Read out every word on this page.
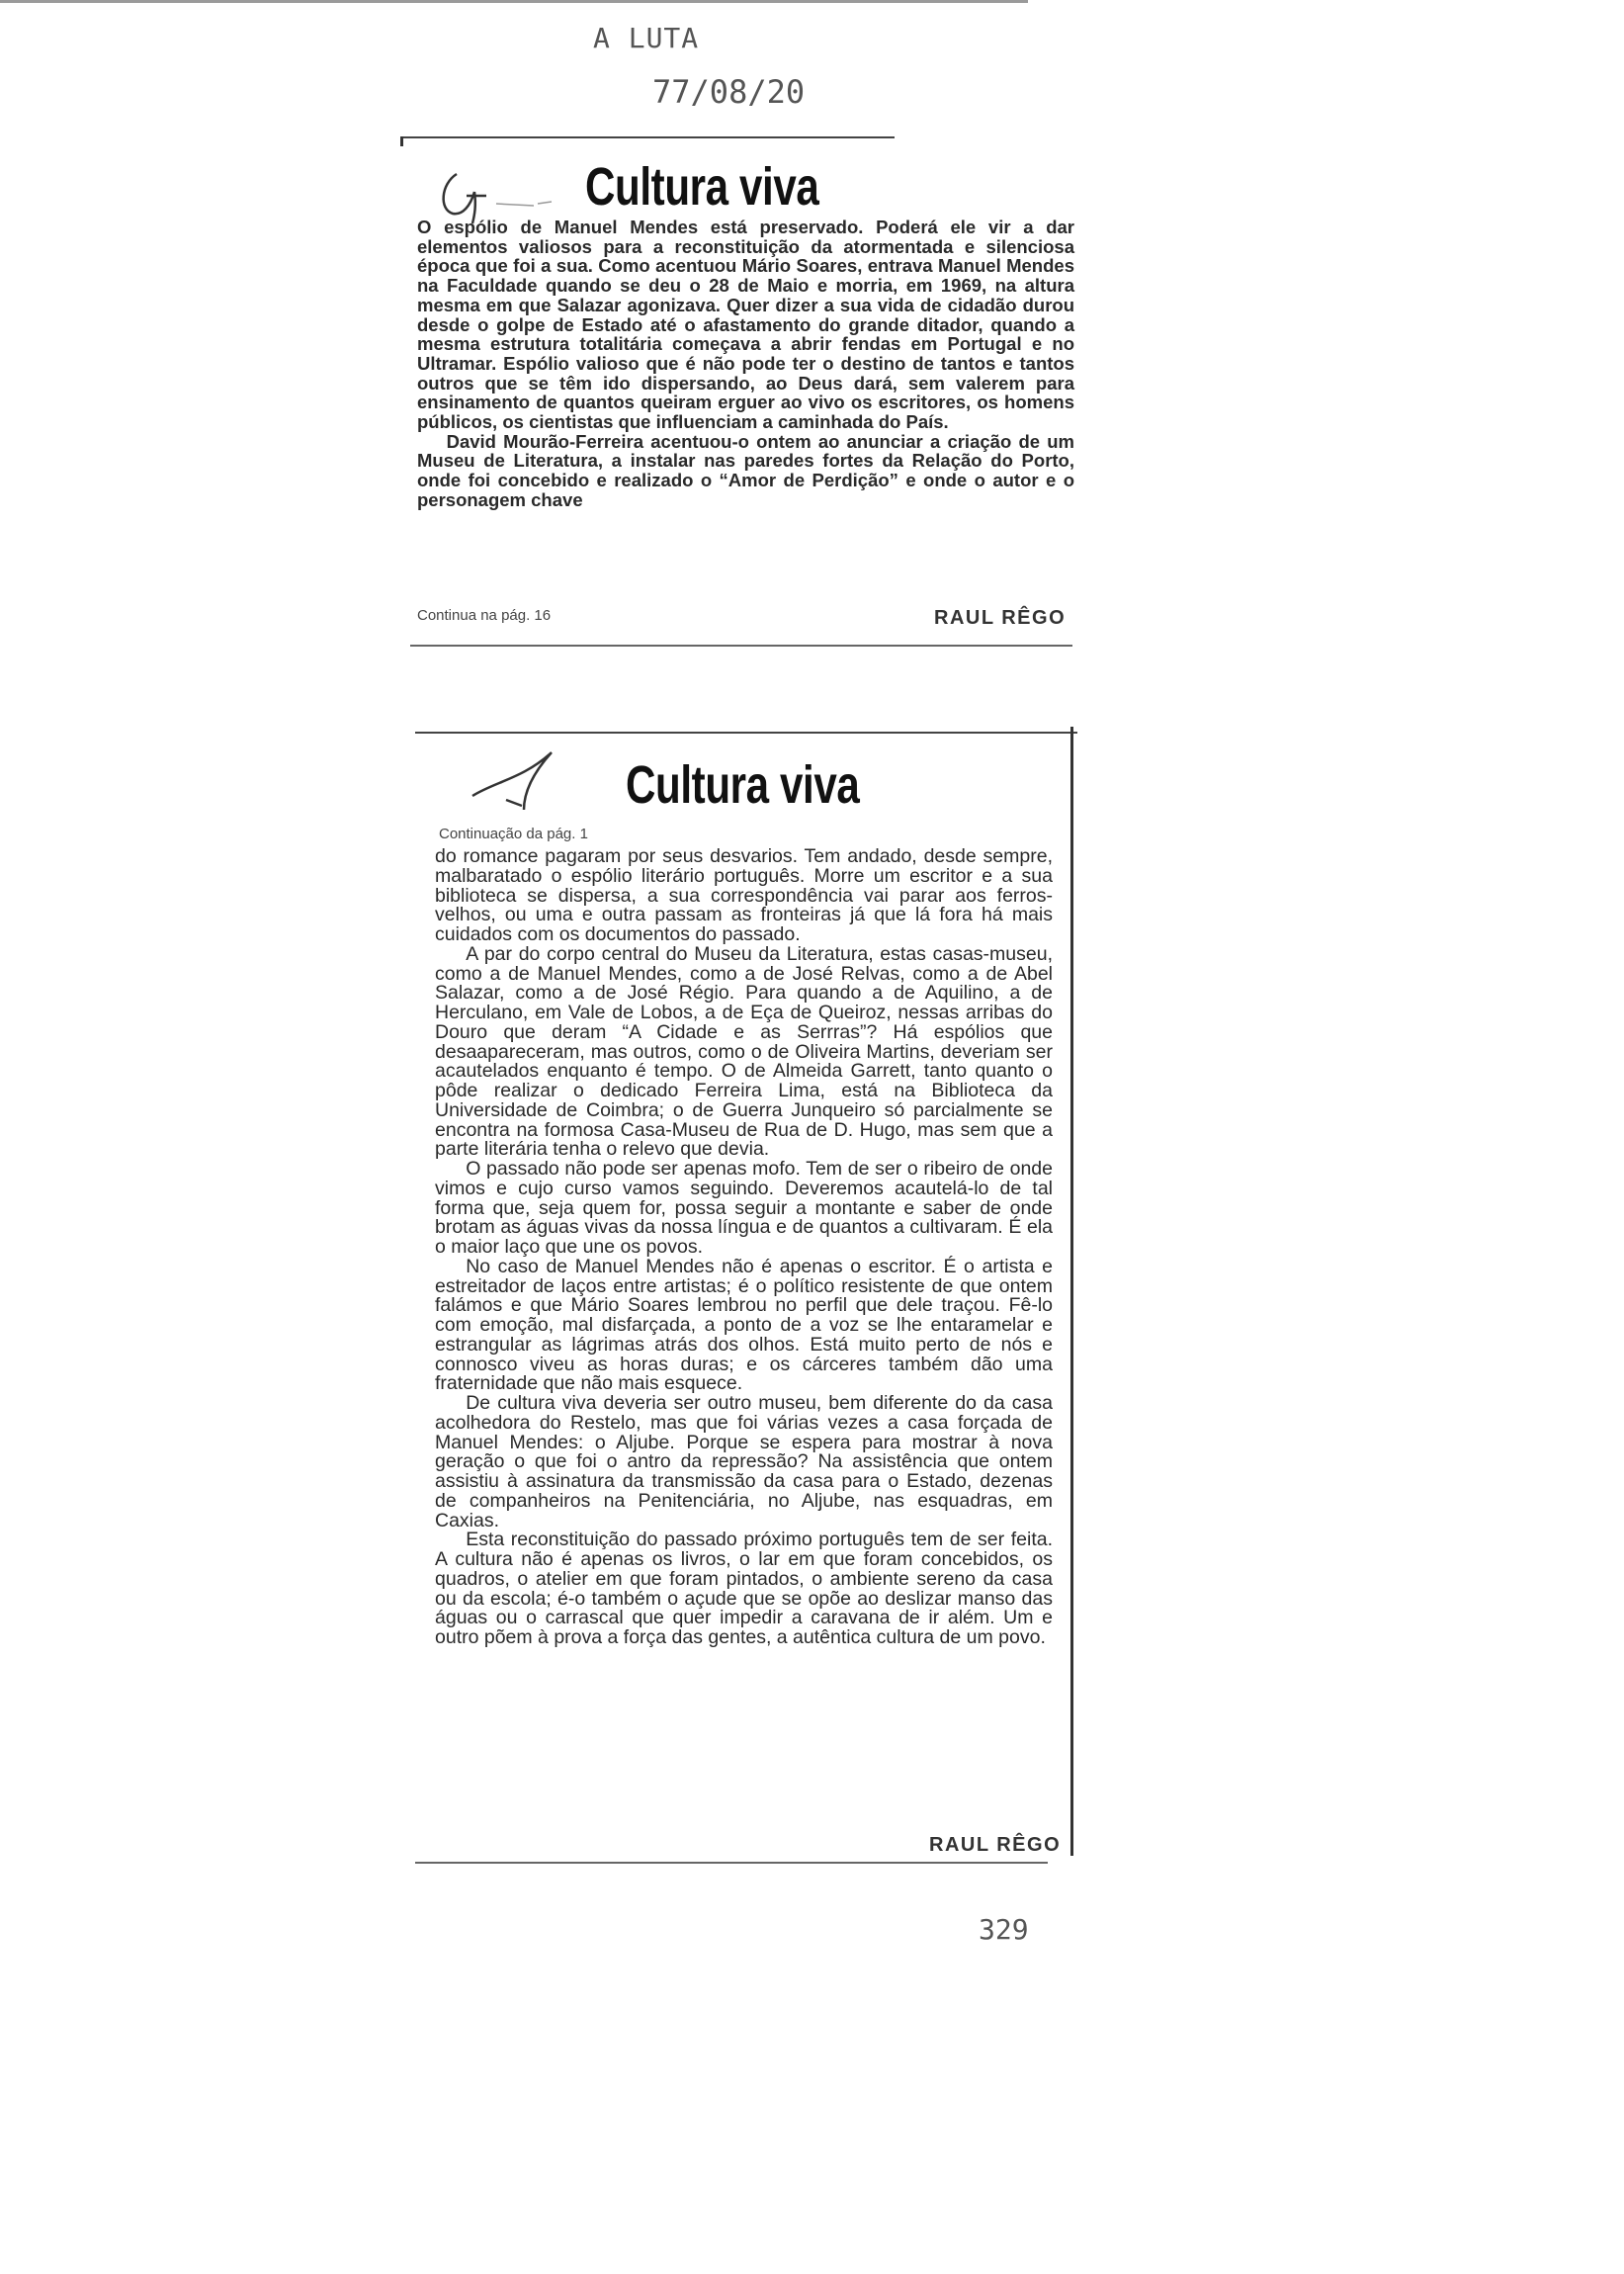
A LUTA
77/08/20
Cultura viva

O espólio de Manuel Mendes está preservado. Poderá ele vir a dar elementos valiosos para a reconstituição da atormentada e silenciosa época que foi a sua. Como acentuou Mário Soares, entrava Manuel Mendes na Faculdade quando se deu o 28 de Maio e morria, em 1969, na altura mesma em que Salazar agonizava. Quer dizer a sua vida de cidadão durou desde o golpe de Estado até o afastamento do grande ditador, quando a mesma estrutura totalitária começava a abrir fendas em Portugal e no Ultramar. Espólio valioso que é não pode ter o destino de tantos e tantos outros que se têm ido dispersando, ao Deus dará, sem valerem para ensinamento de quantos queiram erguer ao vivo os escritores, os homens públicos, os cientistas que influenciam a caminhada do País.

David Mourão-Ferreira acentuou-o ontem ao anunciar a criação de um Museu de Literatura, a instalar nas paredes fortes da Relação do Porto, onde foi concebido e realizado o “Amor de Perdição” e onde o autor e o personagem chave

Continua na pág. 16	RAUL RÊGO
Cultura viva
Continuação da pág. 1

do romance pagaram por seus desvarios. Tem andado, desde sempre, malbaratado o espólio literário português. Morre um escritor e a sua biblioteca se dispersa, a sua correspondência vai parar aos ferros-velhos, ou uma e outra passam as fronteiras já que lá fora há mais cuidados com os documentos do passado.

A par do corpo central do Museu da Literatura, estas casas-museu, como a de Manuel Mendes, como a de José Relvas, como a de Abel Salazar, como a de José Régio. Para quando a de Aquilino, a de Herculano, em Vale de Lobos, a de Eça de Queiroz, nessas arribas do Douro que deram “A Cidade e as Serrras”? Há espólios que desaapareceram, mas outros, como o de Oliveira Martins, deveriam ser acautelados enquanto é tempo. O de Almeida Garrett, tanto quanto o pôde realizar o dedicado Ferreira Lima, está na Biblioteca da Universidade de Coimbra; o de Guerra Junqueiro só parcialmente se encontra na formosa Casa-Museu de Rua de D. Hugo, mas sem que a parte literária tenha o relevo que devia.

O passado não pode ser apenas mofo. Tem de ser o ribeiro de onde vimos e cujo curso vamos seguindo. Deveremos acautelá-lo de tal forma que, seja quem for, possa seguir a montante e saber de onde brotam as águas vivas da nossa língua e de quantos a cultivaram. É ela o maior laço que une os povos.

No caso de Manuel Mendes não é apenas o escritor. É o artista e estreitador de laços entre artistas; é o político resistente de que ontem falámos e que Mário Soares lembrou no perfil que dele traçou. Fê-lo com emoção, mal disfarçada, a ponto de a voz se lhe entaramelar e estrangular as lágrimas atrás dos olhos. Está muito perto de nós e connosco viveu as horas duras; e os cárceres também dão uma fraternidade que não mais esquece.

De cultura viva deveria ser outro museu, bem diferente do da casa acolhedora do Restelo, mas que foi várias vezes a casa forçada de Manuel Mendes: o Aljube. Porque se espera para mostrar à nova geração o que foi o antro da repressão? Na assistência que ontem assistiu à assinatura da transmissão da casa para o Estado, dezenas de companheiros na Penitenciária, no Aljube, nas esquadras, em Caxias.

Esta reconstituição do passado próximo português tem de ser feita. A cultura não é apenas os livros, o lar em que foram concebidos, os quadros, o atelier em que foram pintados, o ambiente sereno da casa ou da escola; é-o também o açude que se opõe ao deslizar manso das águas ou o carrascal que quer impedir a caravana de ir além. Um e outro põem à prova a força das gentes, a autêntica cultura de um povo.

RAUL RÊGO
329
